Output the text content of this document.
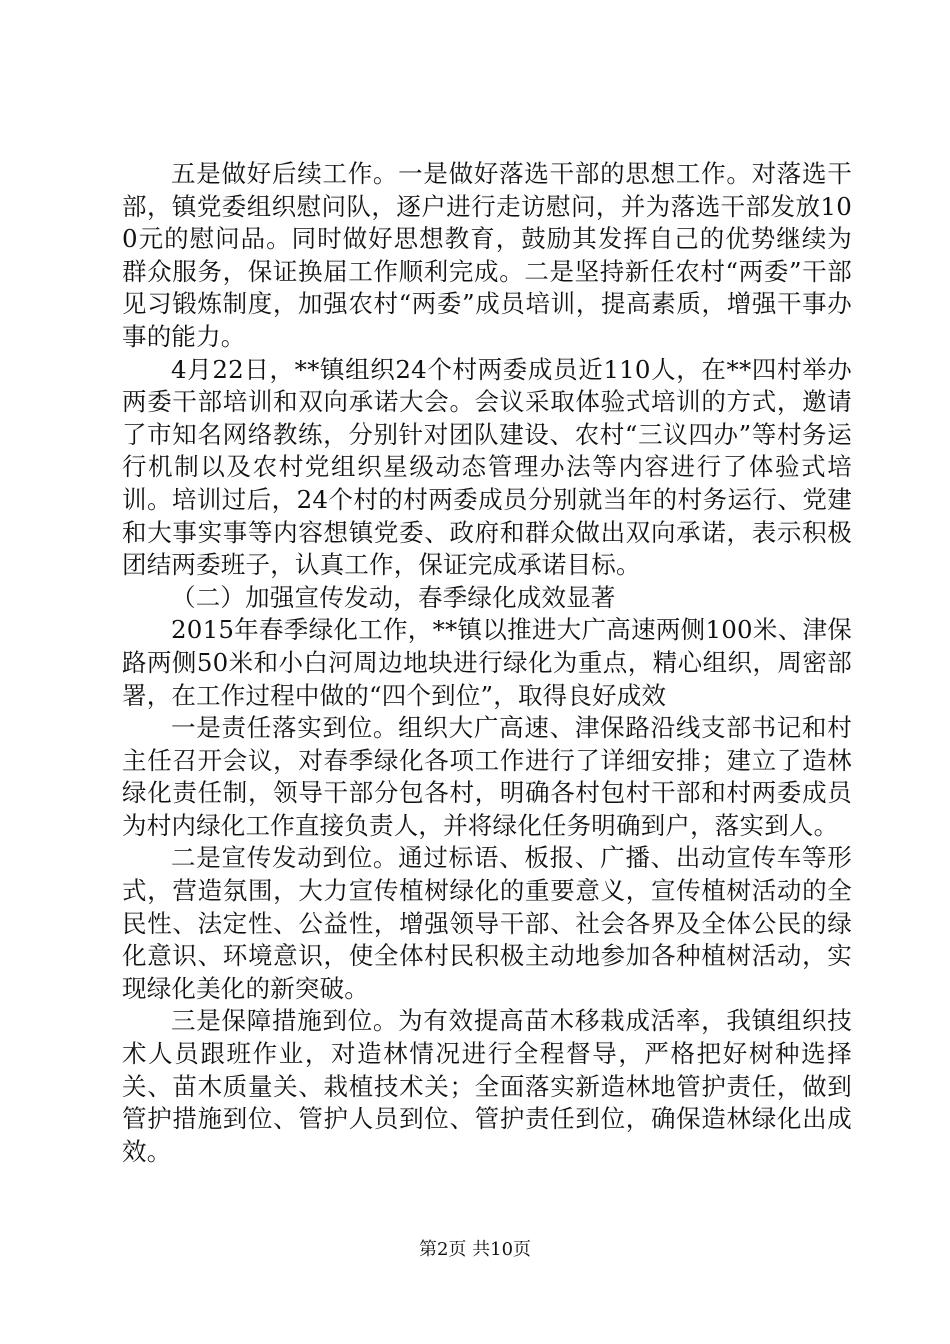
五是做好后续工作。一是做好落选干部的思想工作。对落选干部，镇党委组织慰问队，逐户进行走访慰问，并为落选干部发放100元的慰问品。同时做好思想教育，鼓励其发挥自己的优势继续为群众服务，保证换届工作顺利完成。二是坚持新任农村“两委”干部见习锻炼制度，加强农村“两委”成员培训，提高素质，增强干事办事的能力。

4月22日，**镇组织24个村两委成员近110人，在**四村举办两委干部培训和双向承诺大会。会议采取体验式培训的方式，邀请了市知名网络教练，分别针对团队建设、农村“三议四办”等村务运行机制以及农村党组织星级动态管理办法等内容进行了体验式培训。培训过后，24个村的村两委成员分别就当年的村务运行、党建和大事实事等内容想镇党委、政府和群众做出双向承诺，表示积极团结两委班子，认真工作，保证完成承诺目标。

（二）加强宣传发动，春季绿化成效显著

2015年春季绿化工作，**镇以推进大广高速两侧100米、津保路两侧50米和小白河周边地块进行绿化为重点，精心组织，周密部署，在工作过程中做的“四个到位”，取得良好成效

一是责任落实到位。组织大广高速、津保路沿线支部书记和村主任召开会议，对春季绿化各项工作进行了详细安排；建立了造林绿化责任制，领导干部分包各村，明确各村包村干部和村两委成员为村内绿化工作直接负责人，并将绿化任务明确到户，落实到人。

二是宣传发动到位。通过标语、板报、广播、出动宣传车等形式，营造氛围，大力宣传植树绿化的重要意义，宣传植树活动的全民性、法定性、公益性，增强领导干部、社会各界及全体公民的绿化意识、环境意识，使全体村民积极主动地参加各种植树活动，实现绿化美化的新突破。

三是保障措施到位。为有效提高苗木移栽成活率，我镇组织技术人员跟班作业，对造林情况进行全程督导，严格把好树种选择关、苗木质量关、栽植技术关；全面落实新造林地管护责任，做到管护措施到位、管护人员到位、管护责任到位，确保造林绿化出成效。

第2页 共10页
